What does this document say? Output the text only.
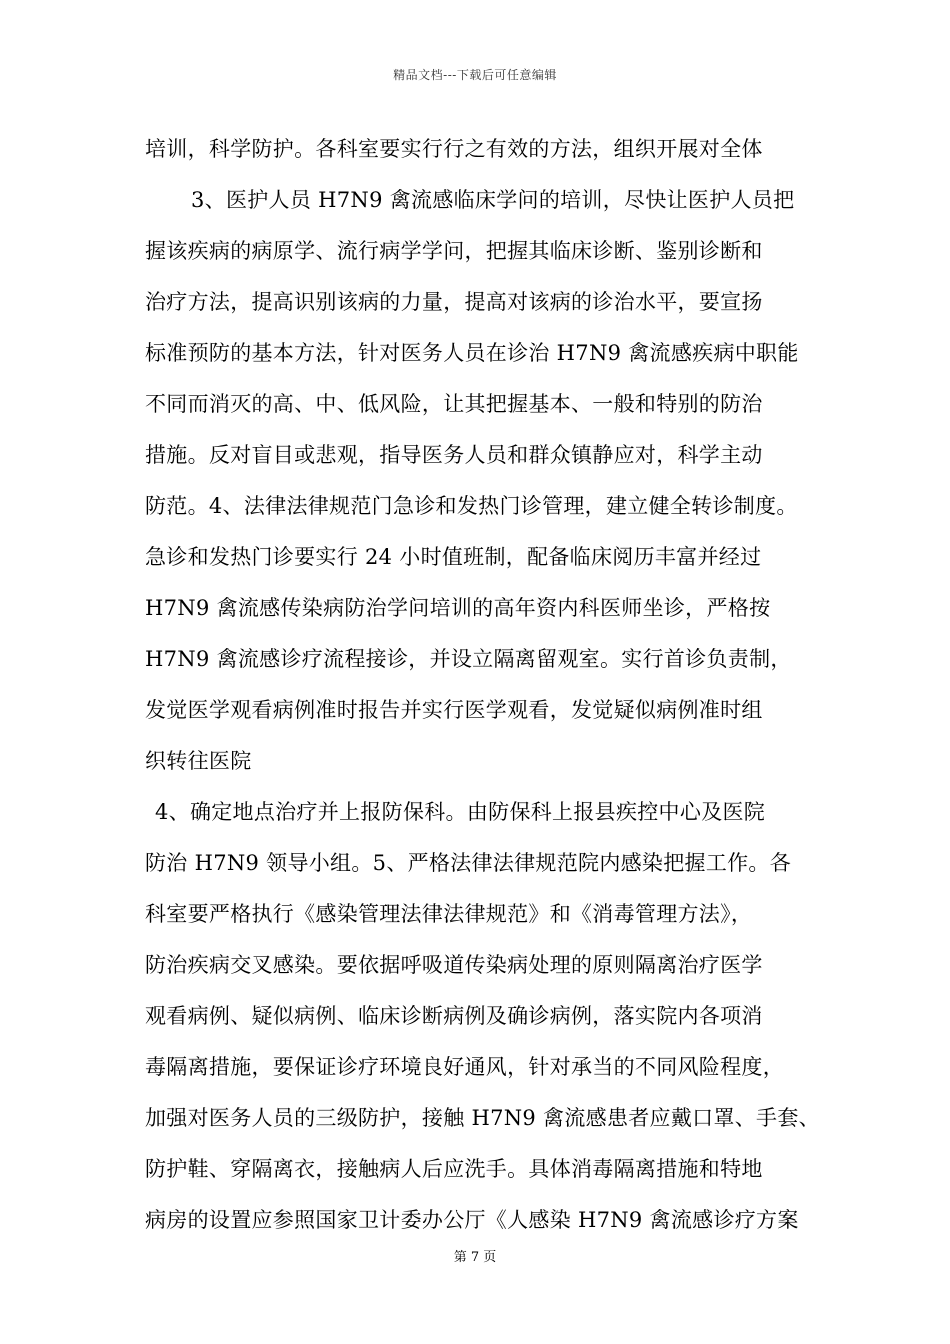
精品文档---下载后可任意编辑
培训，科学防护。各科室要实行行之有效的方法，组织开展对全体
3、医护人员 H7N9 禽流感临床学问的培训，尽快让医护人员把
握该疾病的病原学、流行病学学问，把握其临床诊断、鉴别诊断和
治疗方法，提高识别该病的力量，提高对该病的诊治水平，要宣扬
标准预防的基本方法，针对医务人员在诊治 H7N9 禽流感疾病中职能
不同而消灭的高、中、低风险，让其把握基本、一般和特别的防治
措施。反对盲目或悲观，指导医务人员和群众镇静应对，科学主动
防范。4、法律法律规范门急诊和发热门诊管理，建立健全转诊制度。
急诊和发热门诊要实行 24 小时值班制，配备临床阅历丰富并经过
H7N9 禽流感传染病防治学问培训的高年资内科医师坐诊，严格按
H7N9 禽流感诊疗流程接诊，并设立隔离留观室。实行首诊负责制，
发觉医学观看病例准时报告并实行医学观看，发觉疑似病例准时组
织转往医院
4、确定地点治疗并上报防保科。由防保科上报县疾控中心及医院
防治 H7N9 领导小组。5、严格法律法律规范院内感染把握工作。各
科室要严格执行《感染管理法律法律规范》和《消毒管理方法》，
防治疾病交叉感染。要依据呼吸道传染病处理的原则隔离治疗医学
观看病例、疑似病例、临床诊断病例及确诊病例，落实院内各项消
毒隔离措施，要保证诊疗环境良好通风，针对承当的不同风险程度，
加强对医务人员的三级防护，接触 H7N9 禽流感患者应戴口罩、手套、
防护鞋、穿隔离衣，接触病人后应洗手。具体消毒隔离措施和特地
病房的设置应参照国家卫计委办公厅《人感染 H7N9 禽流感诊疗方案
第 7 页
